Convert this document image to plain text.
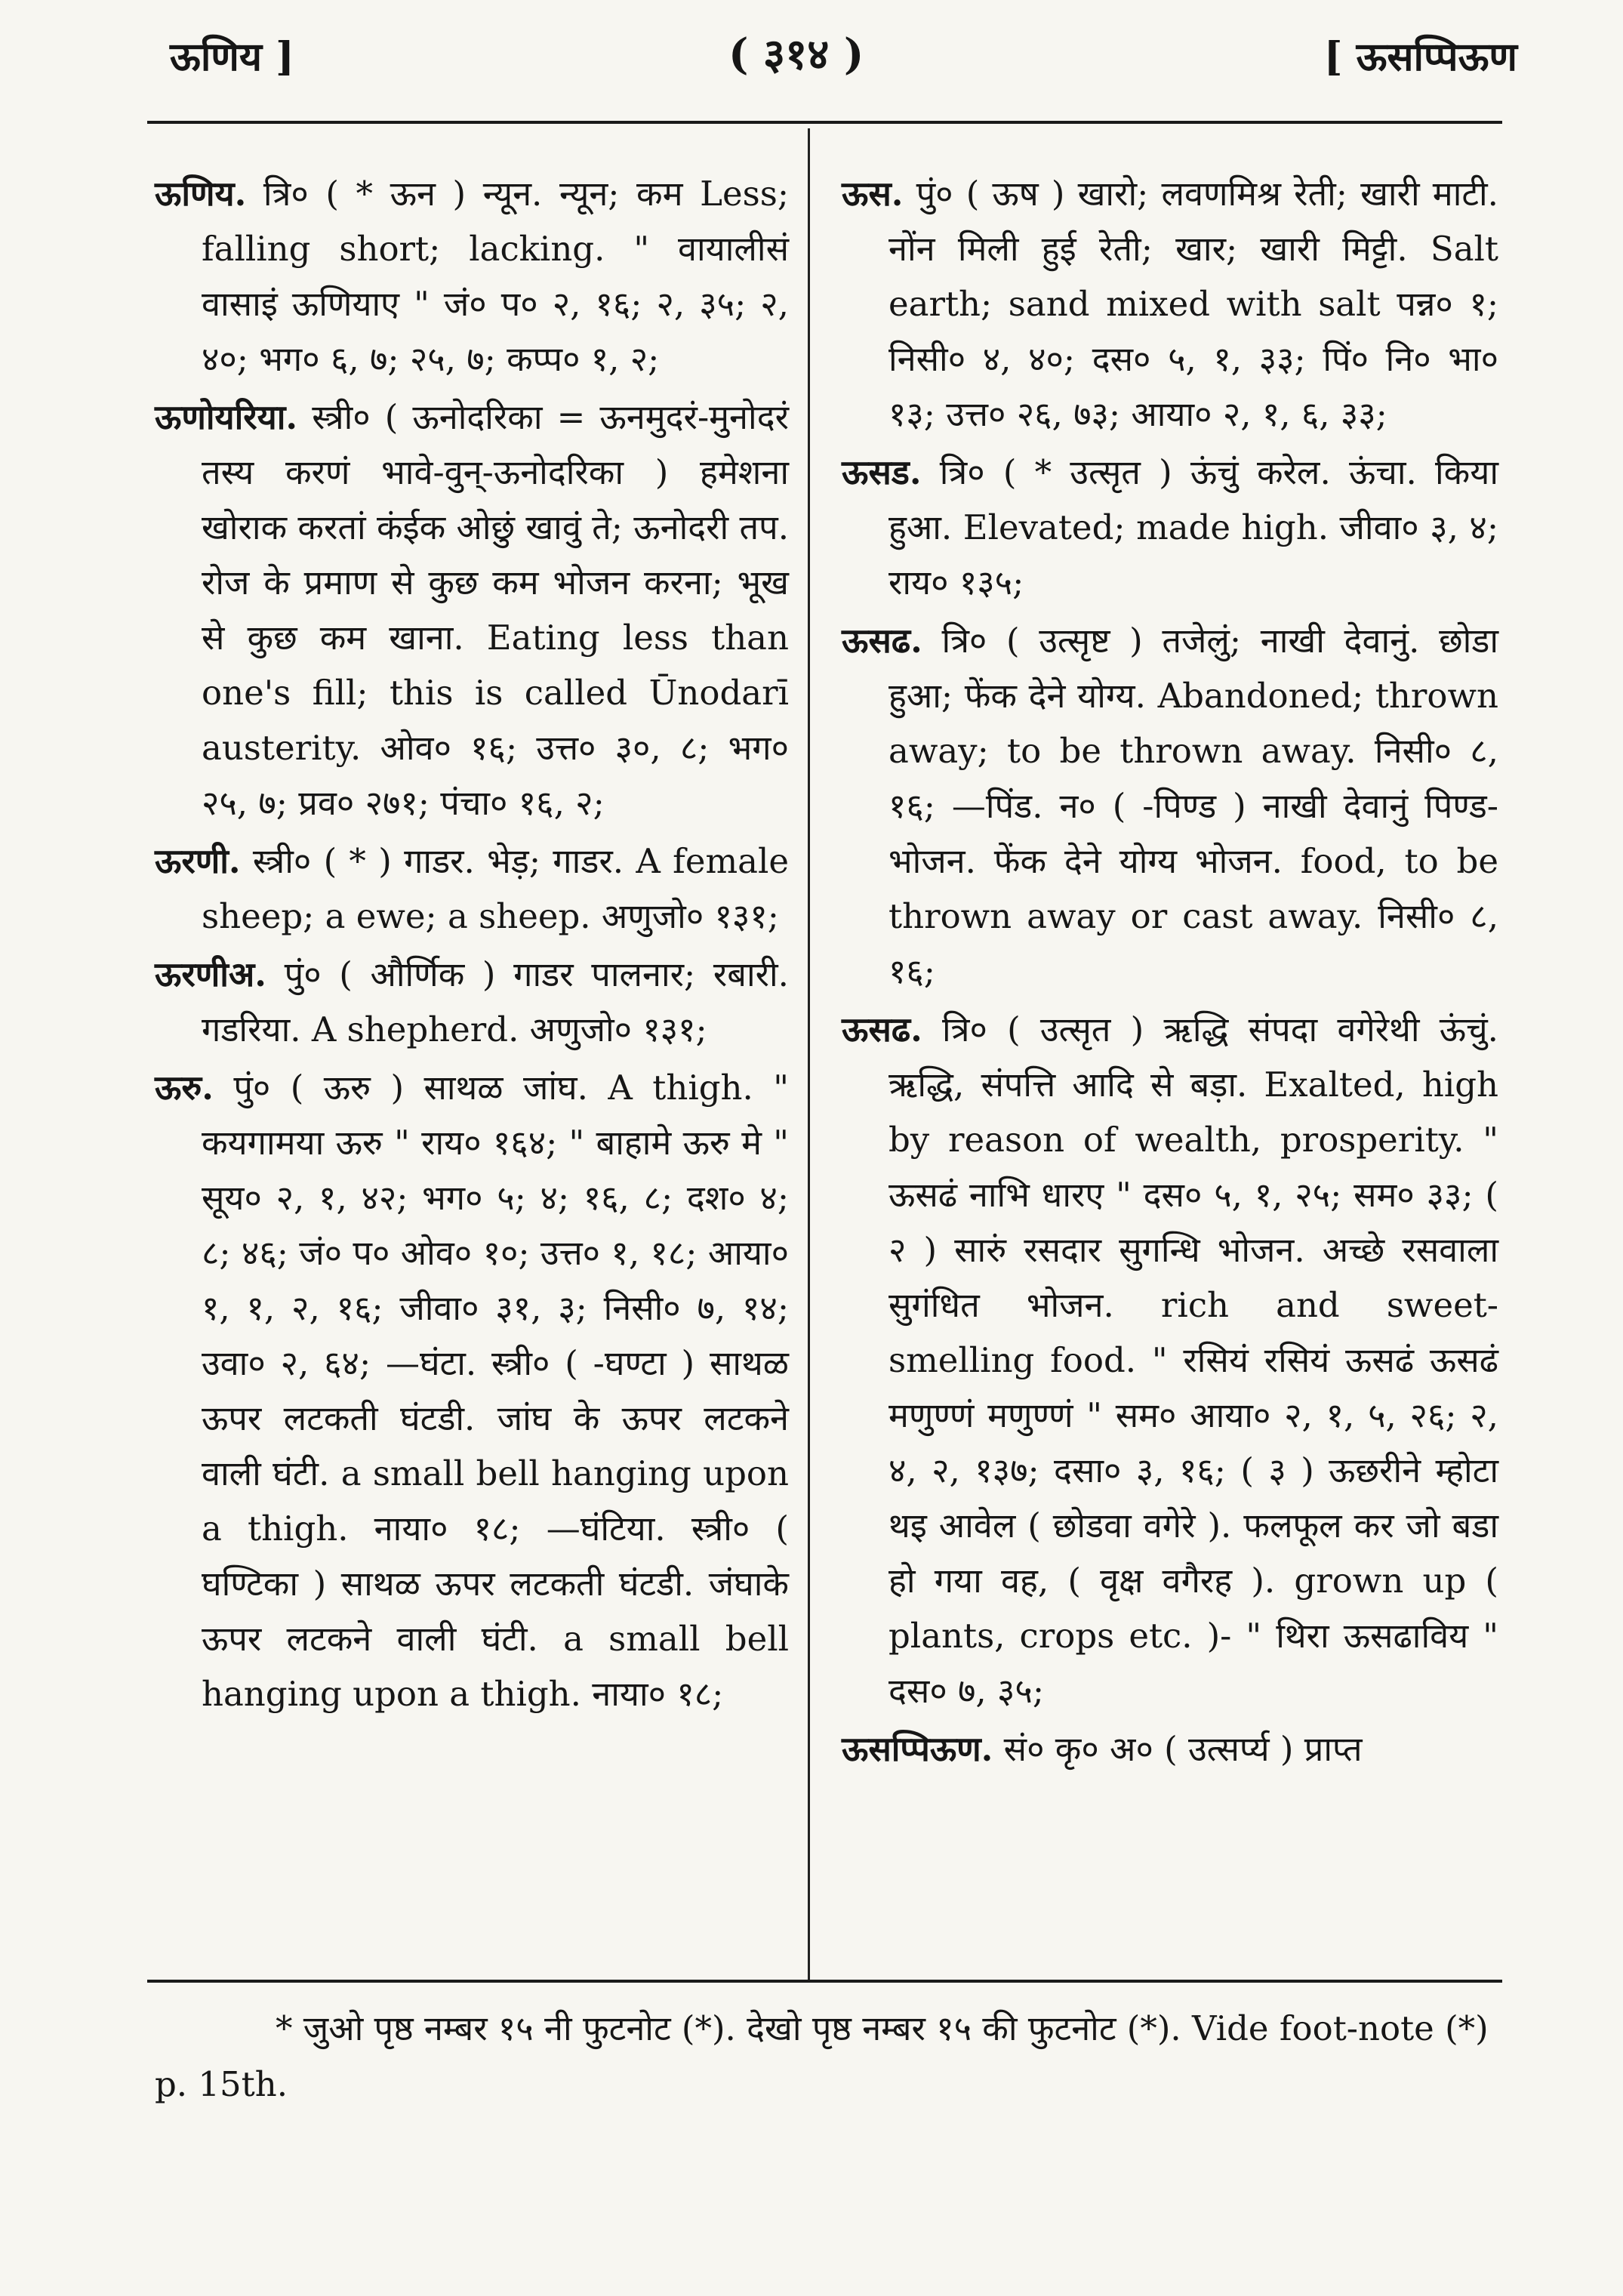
ऊणिय ]	( ३१४ )	[ ऊसप्पिऊण

ऊणिय. त्रि० ( * ऊन ) न्यून. न्यून; कम Less; falling short; lacking. " वायालीसं वासाइं ऊणियाए " जं० प० २, १६; २, ३५; २, ४०; भग० ६, ७; २५, ७; कप्प० १, २;

ऊणोयरिया. स्त्री० ( ऊनोदरिका = ऊनमुदरं-मुनोदरं तस्य करणं भावे-वुन्-ऊनोदरिका ) हमेशना खोराक करतां कंईक ओछुं खावुं ते; ऊनोदरी तप. रोज के प्रमाण से कुछ कम भोजन करना; भूख से कुछ कम खाना. Eating less than one's fill; this is called Ūnodarī austerity. ओव० १६; उत्त० ३०, ८; भग० २५, ७; प्रव० २७१; पंचा० १६, २;

ऊरणी. स्त्री० ( * ) गाडर. भेड़; गाडर. A female sheep; a ewe; a sheep. अणुजो० १३१;

ऊरणीअ. पुं० ( और्णिक ) गाडर पालनार; रबारी. गडरिया. A shepherd. अणुजो० १३१;

ऊरु. पुं० ( ऊरु ) साथळ जांघ. A thigh. " कयगामया ऊरु " राय० १६४; " बाहामे ऊरु मे " सूय० २, १, ४२; भग० ५; ४; १६, ८; दश० ४; ८; ४६; जं० प० ओव० १०; उत्त० १, १८; आया० १, १, २, १६; जीवा० ३१, ३; निसी० ७, १४; उवा० २, ६४; —घंटा. स्त्री० ( -घण्टा ) साथळ ऊपर लटकती घंटडी. जांघ के ऊपर लटकने वाली घंटी. a small bell hanging upon a thigh. नाया० १८; —घंटिया. स्त्री० ( घण्टिका ) साथळ ऊपर लटकती घंटडी. जंघाके ऊपर लटकने वाली घंटी. a small bell hanging upon a thigh. नाया० १८;

ऊस. पुं० ( ऊष ) खारो; लवणमिश्र रेती; खारी माटी. नोंन मिली हुई रेती; खार; खारी मिट्टी. Salt earth; sand mixed with salt पन्न० १; निसी० ४, ४०; दस० ५, १, ३३; पिं० नि० भा० १३; उत्त० २६, ७३; आया० २, १, ६, ३३;

ऊसड. त्रि० ( * उत्सृत ) ऊंचुं करेल. ऊंचा. किया हुआ. Elevated; made high. जीवा० ३, ४; राय० १३५;

ऊसढ. त्रि० ( उत्सृष्ट ) तजेलुं; नाखी देवानुं. छोडा हुआ; फेंक देने योग्य. Abandoned; thrown away; to be thrown away. निसी० ८, १६; —पिंड. न० ( -पिण्ड ) नाखी देवानुं पिण्ड-भोजन. फेंक देने योग्य भोजन. food, to be thrown away or cast away. निसी० ८, १६;

ऊसढ. त्रि० ( उत्सृत ) ऋद्धि संपदा वगेरेथी ऊंचुं. ऋद्धि, संपत्ति आदि से बड़ा. Exalted, high by reason of wealth, prosperity. " ऊसढं नाभि धारए " दस० ५, १, २५; सम० ३३; ( २ ) सारुं रसदार सुगन्धि भोजन. अच्छे रसवाला सुगंधित भोजन. rich and sweet-smelling food. " रसियं रसियं ऊसढं ऊसढं मणुण्णं मणुण्णं " सम० आया० २, १, ५, २६; २, ४, २, १३७; दसा० ३, १६; ( ३ ) ऊछरीने म्होटा थइ आवेल ( छोडवा वगेरे ). फलफूल कर जो बडा हो गया वह, ( वृक्ष वगैरह ). grown up ( plants, crops etc. )- " थिरा ऊसढाविय " दस० ७, ३५;

ऊसप्पिऊण. सं० कृ० अ० ( उत्सर्प्य ) प्राप्त

* जुओ पृष्ठ नम्बर १५ नी फुटनोट (*). देखो पृष्ठ नम्बर १५ की फुटनोट (*). Vide foot-note (*) p. 15th.
